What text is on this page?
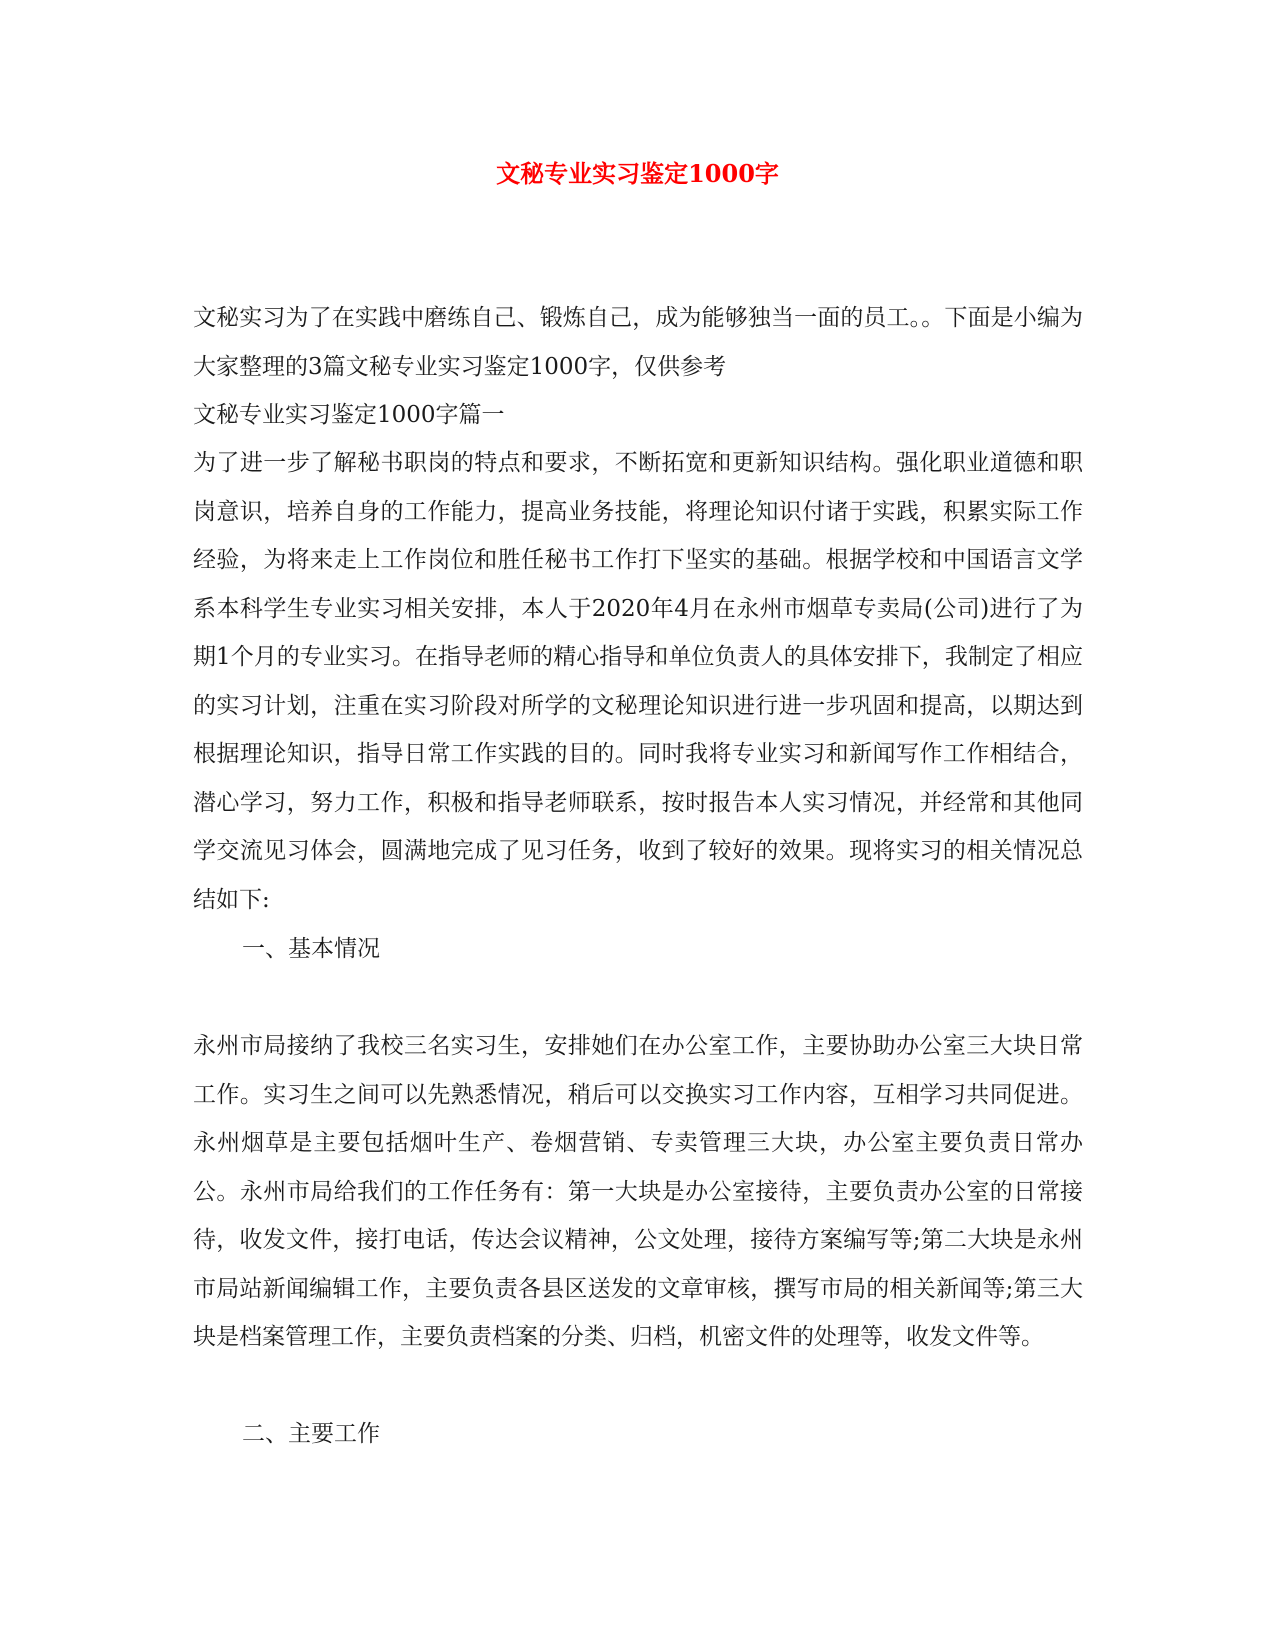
文秘专业实习鉴定1000字

文秘实习为了在实践中磨练自己、锻炼自己，成为能够独当一面的员工。。下面是小编为大家整理的3篇文秘专业实习鉴定1000字，仅供参考

文秘专业实习鉴定1000字篇一

为了进一步了解秘书职岗的特点和要求，不断拓宽和更新知识结构。强化职业道德和职岗意识，培养自身的工作能力，提高业务技能，将理论知识付诸于实践，积累实际工作经验，为将来走上工作岗位和胜任秘书工作打下坚实的基础。根据学校和中国语言文学系本科学生专业实习相关安排，本人于2020年4月在永州市烟草专卖局(公司)进行了为期1个月的专业实习。在指导老师的精心指导和单位负责人的具体安排下，我制定了相应的实习计划，注重在实习阶段对所学的文秘理论知识进行进一步巩固和提高，以期达到根据理论知识，指导日常工作实践的目的。同时我将专业实习和新闻写作工作相结合，潜心学习，努力工作，积极和指导老师联系，按时报告本人实习情况，并经常和其他同学交流见习体会，圆满地完成了见习任务，收到了较好的效果。现将实习的相关情况总结如下:

一、基本情况

永州市局接纳了我校三名实习生，安排她们在办公室工作，主要协助办公室三大块日常工作。实习生之间可以先熟悉情况，稍后可以交换实习工作内容，互相学习共同促进。永州烟草是主要包括烟叶生产、卷烟营销、专卖管理三大块，办公室主要负责日常办公。永州市局给我们的工作任务有：第一大块是办公室接待，主要负责办公室的日常接待，收发文件，接打电话，传达会议精神，公文处理，接待方案编写等;第二大块是永州市局站新闻编辑工作，主要负责各县区送发的文章审核，撰写市局的相关新闻等;第三大块是档案管理工作，主要负责档案的分类、归档，机密文件的处理等，收发文件等。

二、主要工作
